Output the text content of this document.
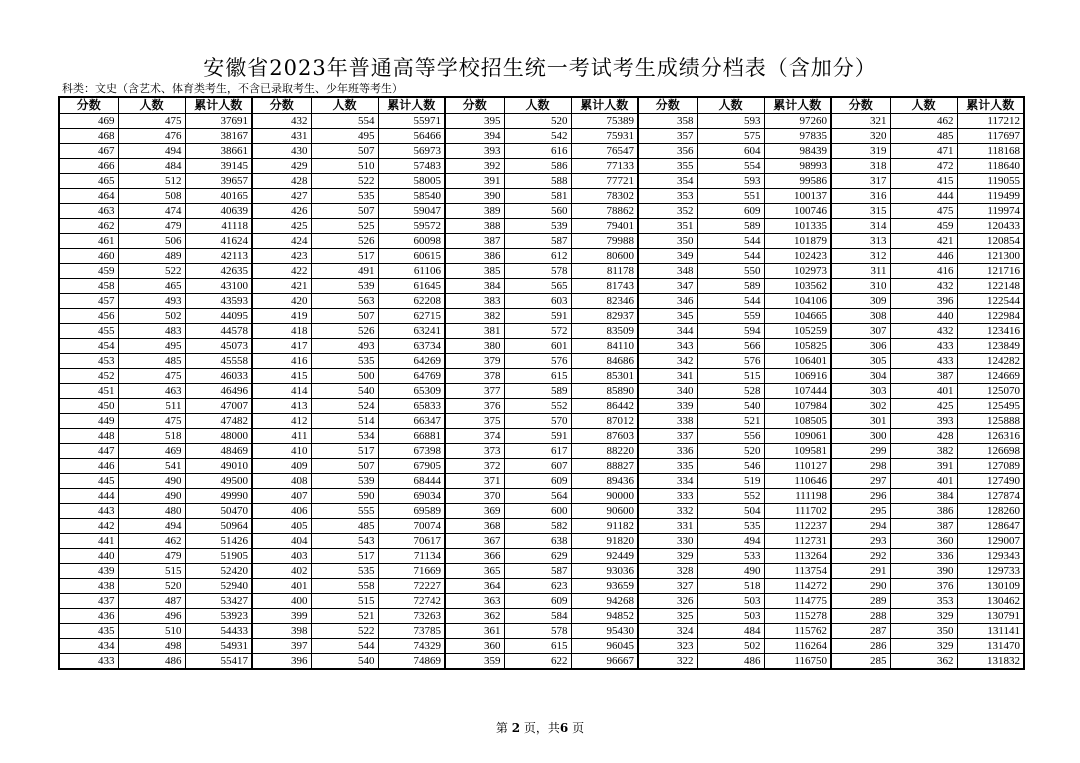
安徽省2023年普通高等学校招生统一考试考生成绩分档表（含加分）
科类：文史（含艺术、体育类考生，不含已录取考生、少年班等考生）
分数	人数	累计人数	分数	人数	累计人数	分数	人数	累计人数	分数	人数	累计人数	分数	人数	累计人数
469	475	37691	432	554	55971	395	520	75389	358	593	97260	321	462	117212
468	476	38167	431	495	56466	394	542	75931	357	575	97835	320	485	117697
467	494	38661	430	507	56973	393	616	76547	356	604	98439	319	471	118168
466	484	39145	429	510	57483	392	586	77133	355	554	98993	318	472	118640
465	512	39657	428	522	58005	391	588	77721	354	593	99586	317	415	119055
464	508	40165	427	535	58540	390	581	78302	353	551	100137	316	444	119499
463	474	40639	426	507	59047	389	560	78862	352	609	100746	315	475	119974
462	479	41118	425	525	59572	388	539	79401	351	589	101335	314	459	120433
461	506	41624	424	526	60098	387	587	79988	350	544	101879	313	421	120854
460	489	42113	423	517	60615	386	612	80600	349	544	102423	312	446	121300
459	522	42635	422	491	61106	385	578	81178	348	550	102973	311	416	121716
458	465	43100	421	539	61645	384	565	81743	347	589	103562	310	432	122148
457	493	43593	420	563	62208	383	603	82346	346	544	104106	309	396	122544
456	502	44095	419	507	62715	382	591	82937	345	559	104665	308	440	122984
455	483	44578	418	526	63241	381	572	83509	344	594	105259	307	432	123416
454	495	45073	417	493	63734	380	601	84110	343	566	105825	306	433	123849
453	485	45558	416	535	64269	379	576	84686	342	576	106401	305	433	124282
452	475	46033	415	500	64769	378	615	85301	341	515	106916	304	387	124669
451	463	46496	414	540	65309	377	589	85890	340	528	107444	303	401	125070
450	511	47007	413	524	65833	376	552	86442	339	540	107984	302	425	125495
449	475	47482	412	514	66347	375	570	87012	338	521	108505	301	393	125888
448	518	48000	411	534	66881	374	591	87603	337	556	109061	300	428	126316
447	469	48469	410	517	67398	373	617	88220	336	520	109581	299	382	126698
446	541	49010	409	507	67905	372	607	88827	335	546	110127	298	391	127089
445	490	49500	408	539	68444	371	609	89436	334	519	110646	297	401	127490
444	490	49990	407	590	69034	370	564	90000	333	552	111198	296	384	127874
443	480	50470	406	555	69589	369	600	90600	332	504	111702	295	386	128260
442	494	50964	405	485	70074	368	582	91182	331	535	112237	294	387	128647
441	462	51426	404	543	70617	367	638	91820	330	494	112731	293	360	129007
440	479	51905	403	517	71134	366	629	92449	329	533	113264	292	336	129343
439	515	52420	402	535	71669	365	587	93036	328	490	113754	291	390	129733
438	520	52940	401	558	72227	364	623	93659	327	518	114272	290	376	130109
437	487	53427	400	515	72742	363	609	94268	326	503	114775	289	353	130462
436	496	53923	399	521	73263	362	584	94852	325	503	115278	288	329	130791
435	510	54433	398	522	73785	361	578	95430	324	484	115762	287	350	131141
434	498	54931	397	544	74329	360	615	96045	323	502	116264	286	329	131470
433	486	55417	396	540	74869	359	622	96667	322	486	116750	285	362	131832
第 2 页，共6 页
